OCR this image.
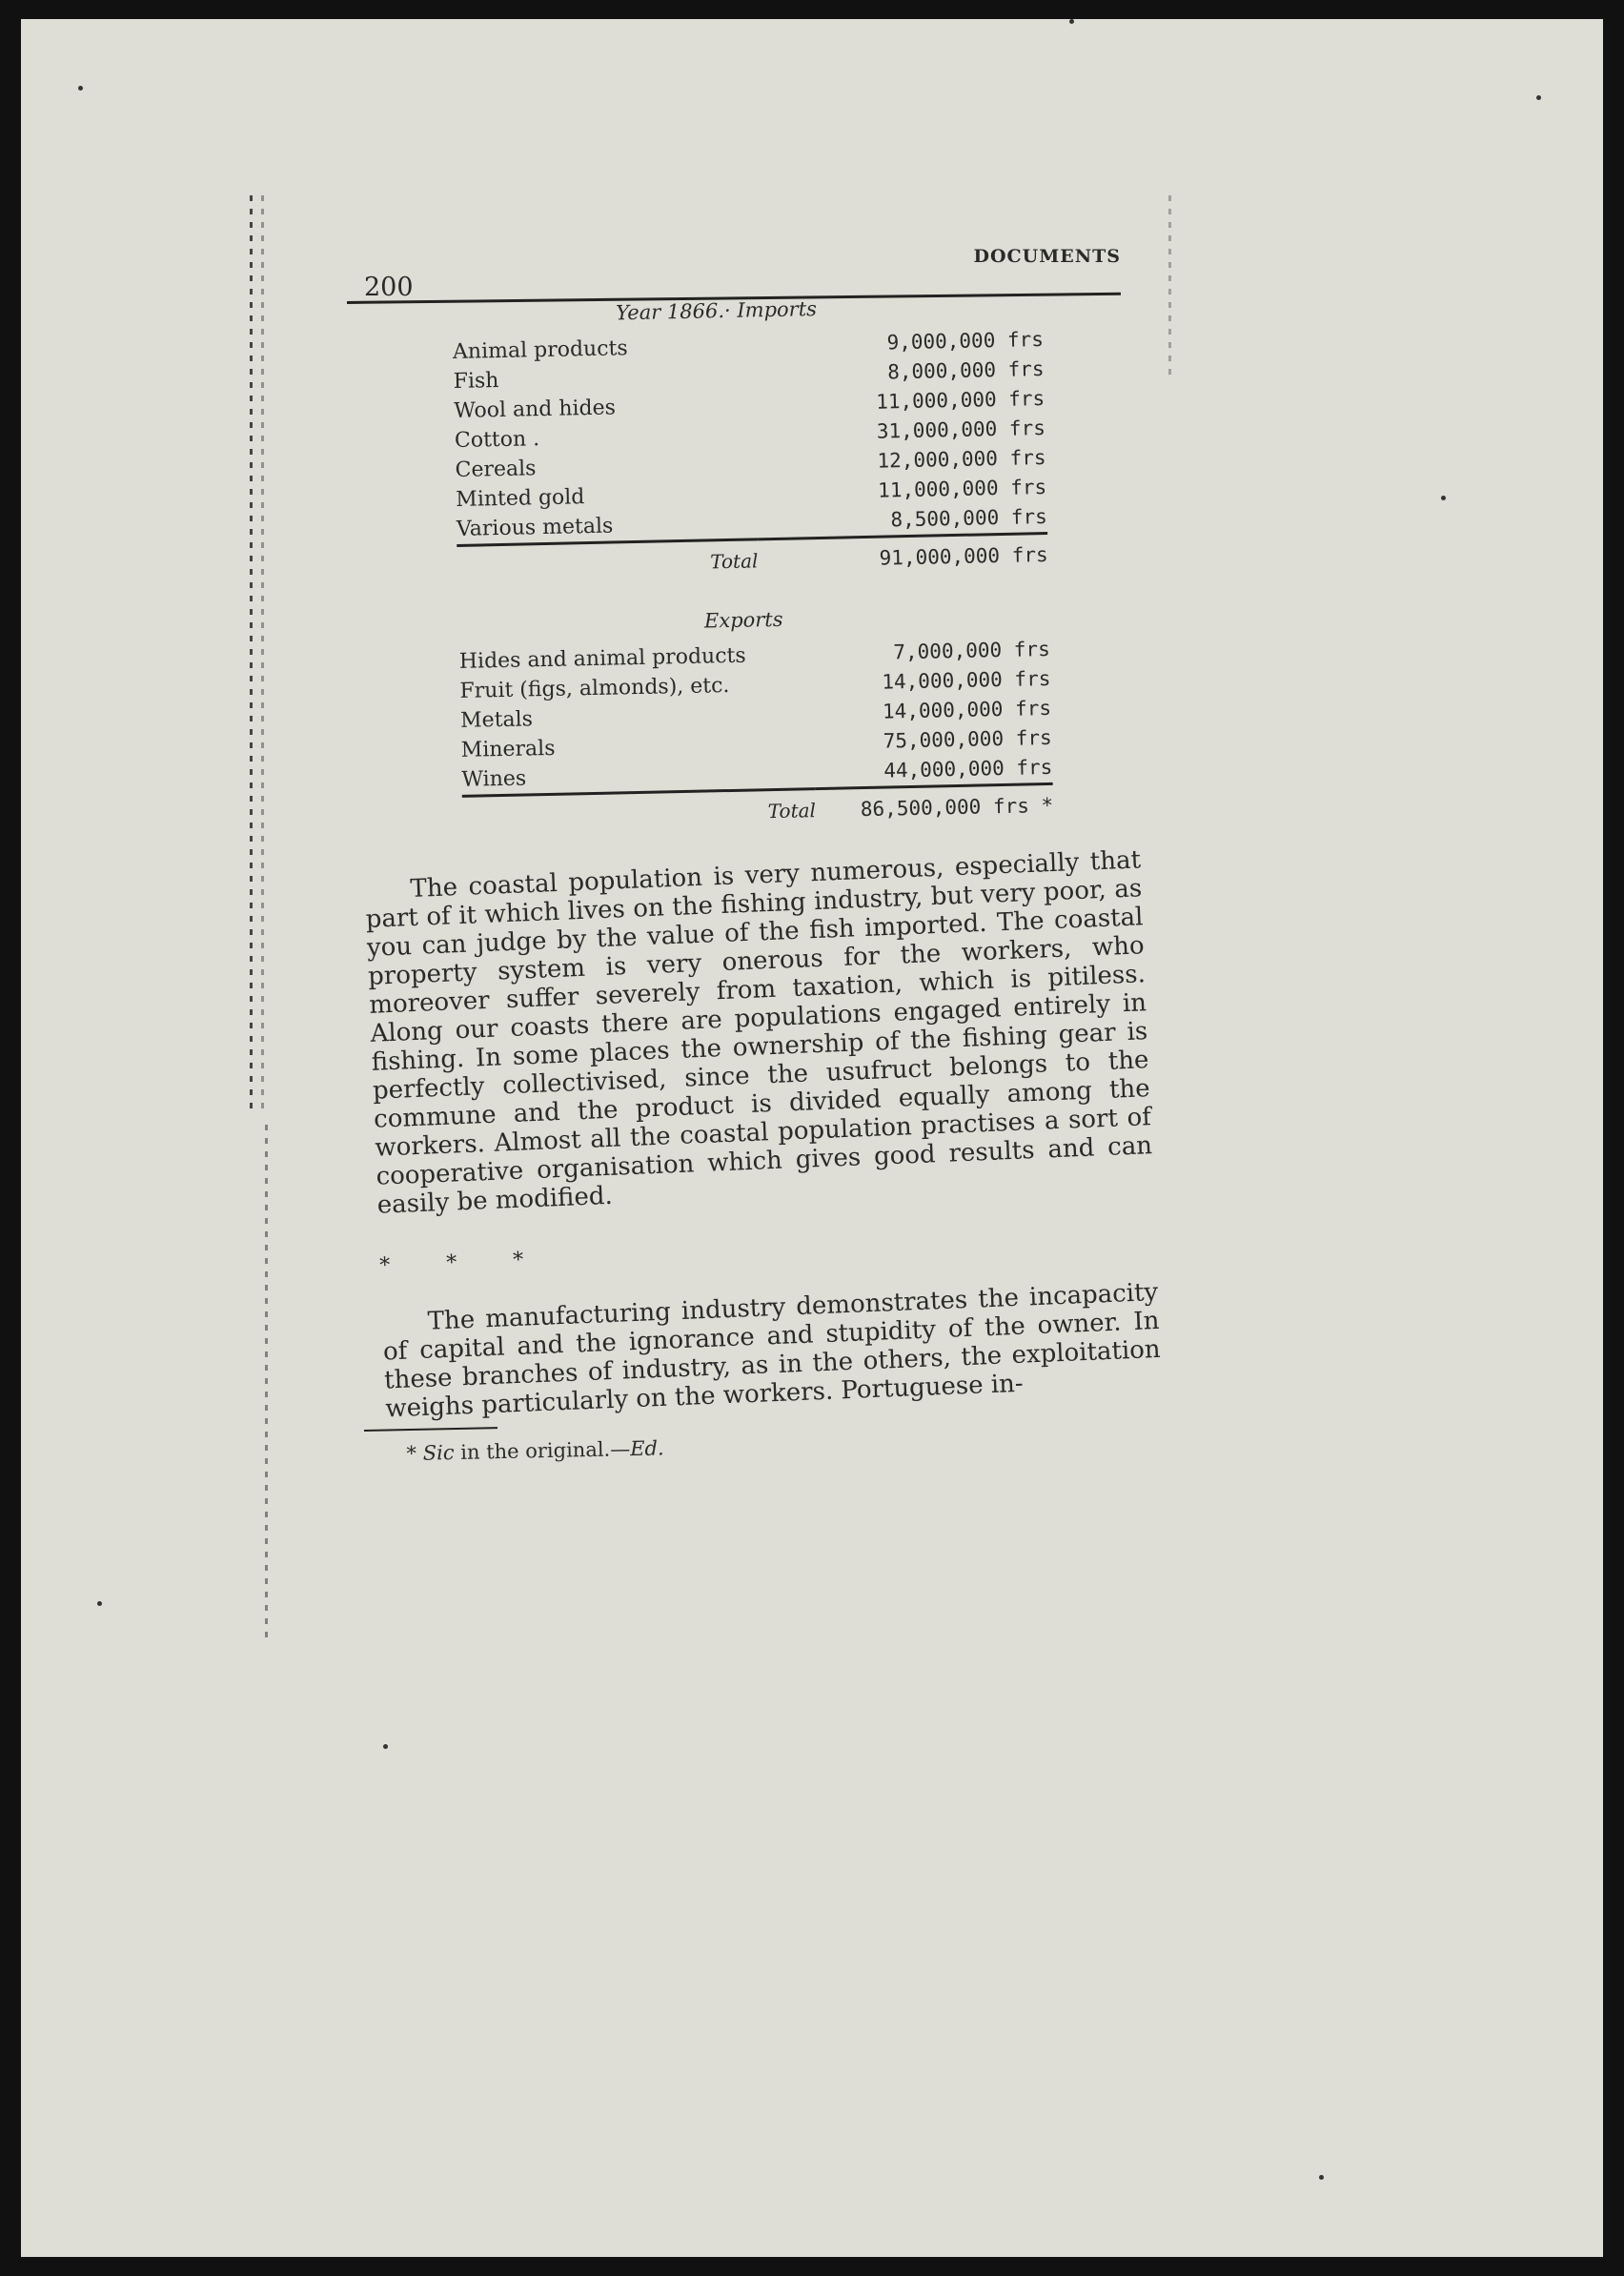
200
DOCUMENTS
Year 1866.· Imports
Animal products	9,000,000 frs
Fish	8,000,000 frs
Wool and hides	11,000,000 frs
Cotton .	31,000,000 frs
Cereals	12,000,000 frs
Minted gold	11,000,000 frs
Various metals	8,500,000 frs
Total	91,000,000 frs
Exports
Hides and animal products	7,000,000 frs
Fruit (figs, almonds), etc.	14,000,000 frs
Metals	14,000,000 frs
Minerals	75,000,000 frs
Wines	44,000,000 frs
Total	86,500,000 frs *

The coastal population is very numerous, especially that part of it which lives on the fishing industry, but very poor, as you can judge by the value of the fish imported. The coastal property system is very onerous for the workers, who moreover suffer severely from taxation, which is pitiless. Along our coasts there are populations engaged entirely in fishing. In some places the ownership of the fishing gear is perfectly collectivised, since the usufruct belongs to the commune and the product is divided equally among the workers. Almost all the coastal population practises a sort of cooperative organisation which gives good results and can easily be modified.

* * *

The manufacturing industry demonstrates the incapacity of capital and the ignorance and stupidity of the owner. In these branches of industry, as in the others, the exploitation weighs particularly on the workers. Portuguese in-

* Sic in the original.—Ed.
